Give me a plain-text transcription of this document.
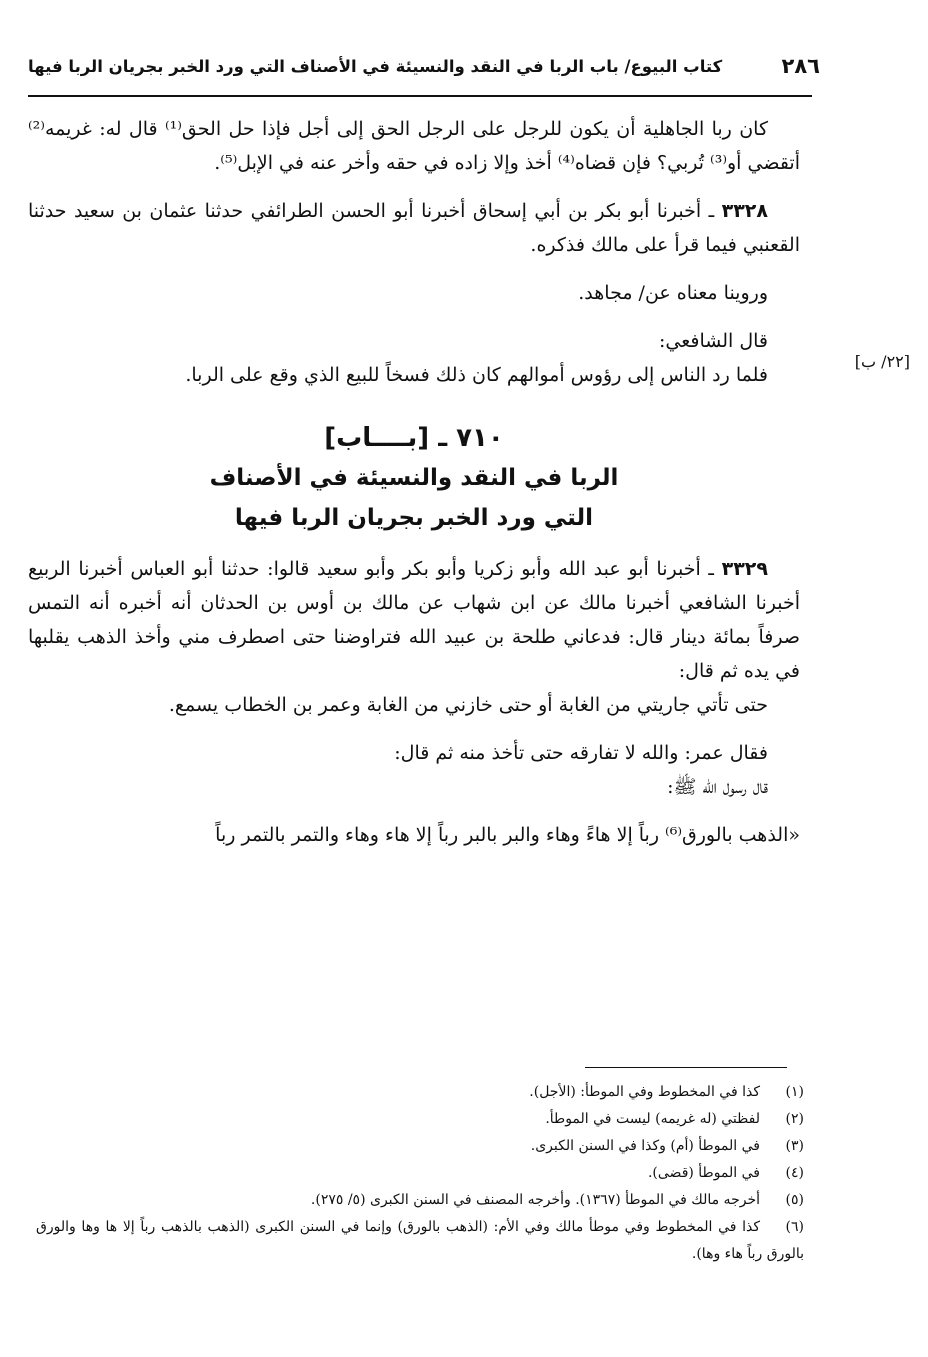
٢٨٦
كتاب البيوع/ باب الربا في النقد والنسيئة في الأصناف التي ورد الخبر بجريان الربا فيها
[٢٢/ ب]

كان ربا الجاهلية أن يكون للرجل على الرجل الحق إلى أجل فإذا حل الحق⁽¹⁾ قال له: غريمه⁽²⁾ أتقضي أو⁽³⁾ تُربي؟ فإن قضاه⁽⁴⁾ أخذ وإلا زاده في حقه وأخر عنه في الإبل⁽⁵⁾.

٣٣٢٨ ـ أخبرنا أبو بكر بن أبي إسحاق أخبرنا أبو الحسن الطرائفي حدثنا عثمان بن سعيد حدثنا القعنبي فيما قرأ على مالك فذكره.

وروينا معناه عن/ مجاهد.

قال الشافعي:

فلما رد الناس إلى رؤوس أموالهم كان ذلك فسخاً للبيع الذي وقع على الربا.

٧١٠ ـ [بــــاب]
الربا في النقد والنسيئة في الأصناف
التي ورد الخبر بجريان الربا فيها

٣٣٢٩ ـ أخبرنا أبو عبد الله وأبو زكريا وأبو بكر وأبو سعيد قالوا: حدثنا أبو العباس أخبرنا الربيع أخبرنا الشافعي أخبرنا مالك عن ابن شهاب عن مالك بن أوس بن الحدثان أنه أخبره أنه التمس صرفاً بمائة دينار قال: فدعاني طلحة بن عبيد الله فتراوضنا حتى اصطرف مني وأخذ الذهب يقلبها في يده ثم قال:

حتى تأتي جاريتي من الغابة أو حتى خازني من الغابة وعمر بن الخطاب يسمع.

فقال عمر: والله لا تفارقه حتى تأخذ منه ثم قال:

قال رسول الله ﷺ:

«الذهب بالورق⁽⁶⁾ رباً إلا هاءً وهاء والبر بالبر رباً إلا هاء وهاء والتمر بالتمر رباً

(١)كذا في المخطوط وفي الموطأ: (الأجل).
(٢)لفظتي (له غريمه) ليست في الموطأ.
(٣)في الموطأ (أم) وكذا في السنن الكبرى.
(٤)في الموطأ (قضى).
(٥)أخرجه مالك في الموطأ (١٣٦٧). وأخرجه المصنف في السنن الكبرى (٥/ ٢٧٥).
(٦)كذا في المخطوط وفي موطأ مالك وفي الأم: (الذهب بالورق) وإنما في السنن الكبرى (الذهب بالذهب رباً إلا ها وها والورق بالورق رباً هاء وها).
